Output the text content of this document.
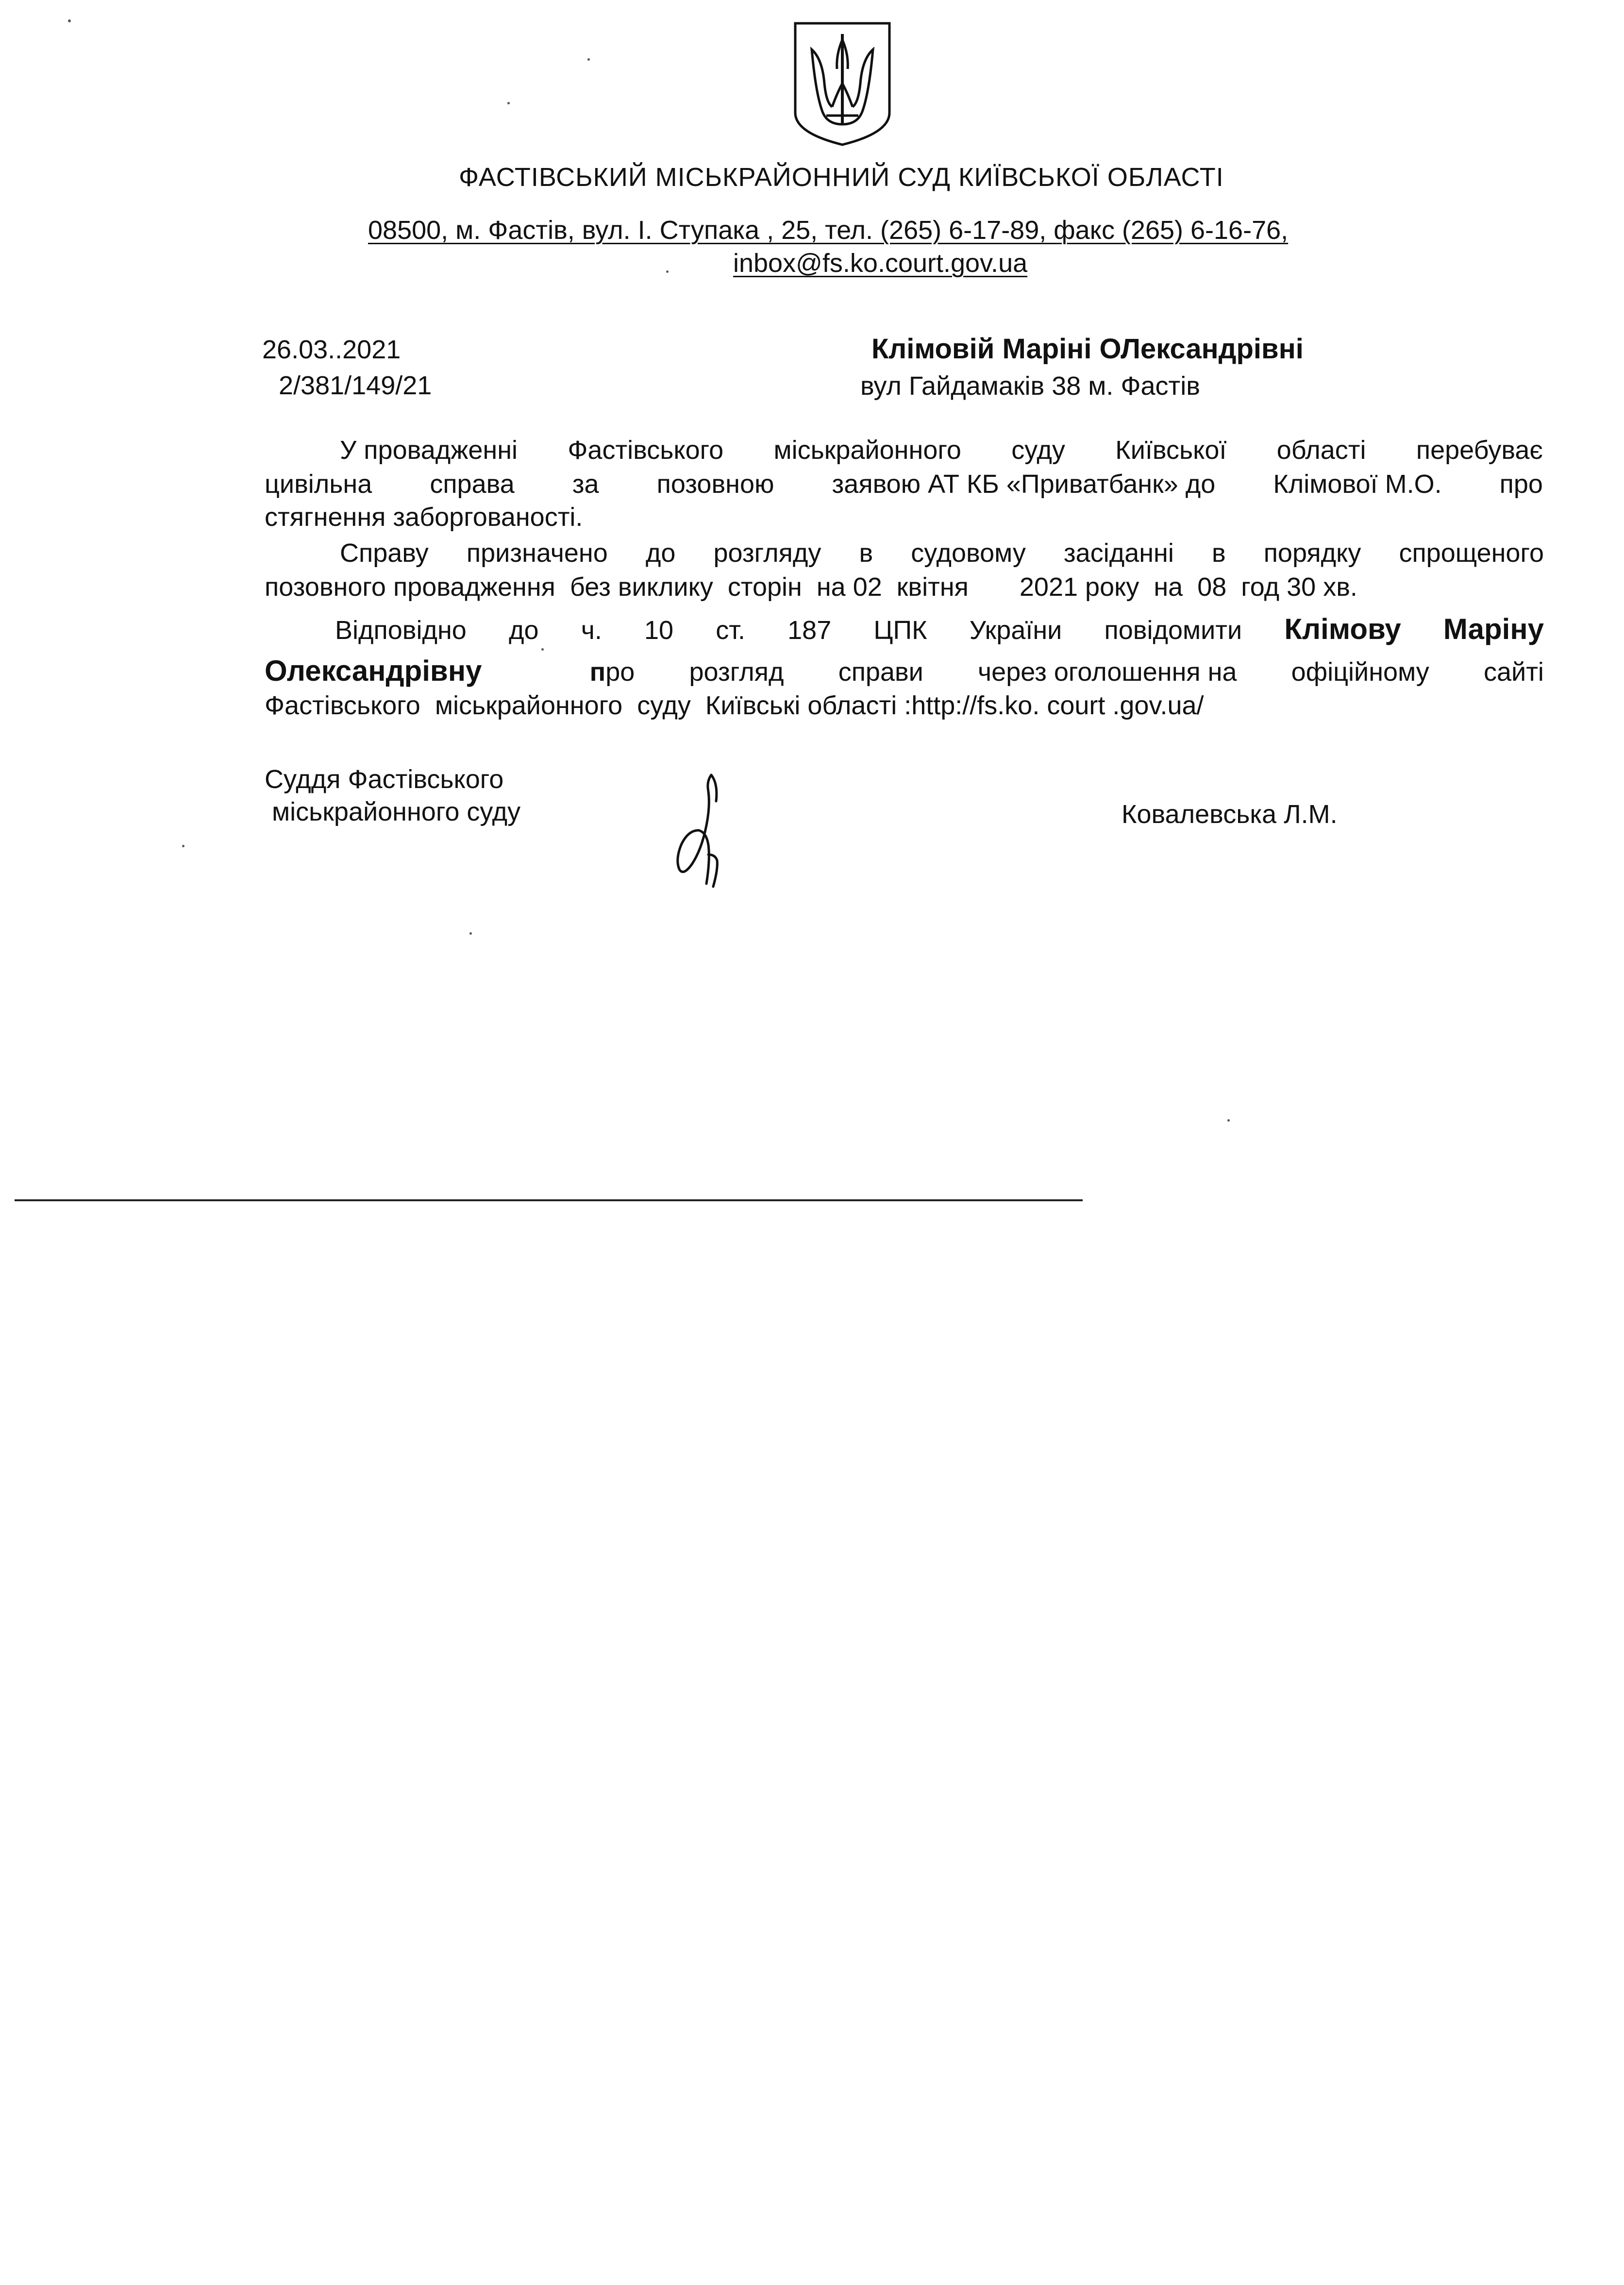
ФАСТІВСЬКИЙ МІСЬКРАЙОННИЙ СУД КИЇВСЬКОЇ ОБЛАСТІ
08500, м. Фастів, вул. І. Ступака , 25, тел. (265) 6-17-89, факс (265) 6-16-76,
inbox@fs.ko.court.gov.ua
26.03..2021
2/381/149/21
Клімовій Маріні ОЛександрівні
вул Гайдамаків 38 м. Фастів
У провадженні Фастівського міськрайонного суду Київської області перебуває
цивільна справа за позовною заявою АТ КБ «Приватбанк» до Клімової М.О. про
стягнення заборгованості.
Справу призначено до розгляду в судовому засіданні в порядку спрощеного
позовного провадження  без виклику  сторін  на 02  квітня       2021 року  на  08  год 30 хв.
Відповідно до ч. 10 ст. 187 ЦПК України повідомити Клімову Маріну
Олександрівну	про розгляд справи через оголошення на офіційному сайті
Фастівського  міськрайонного  суду  Київські області :http://fs.ko. court .gov.ua/
Суддя Фастівського
міськрайонного суду	Ковалевська Л.М.
